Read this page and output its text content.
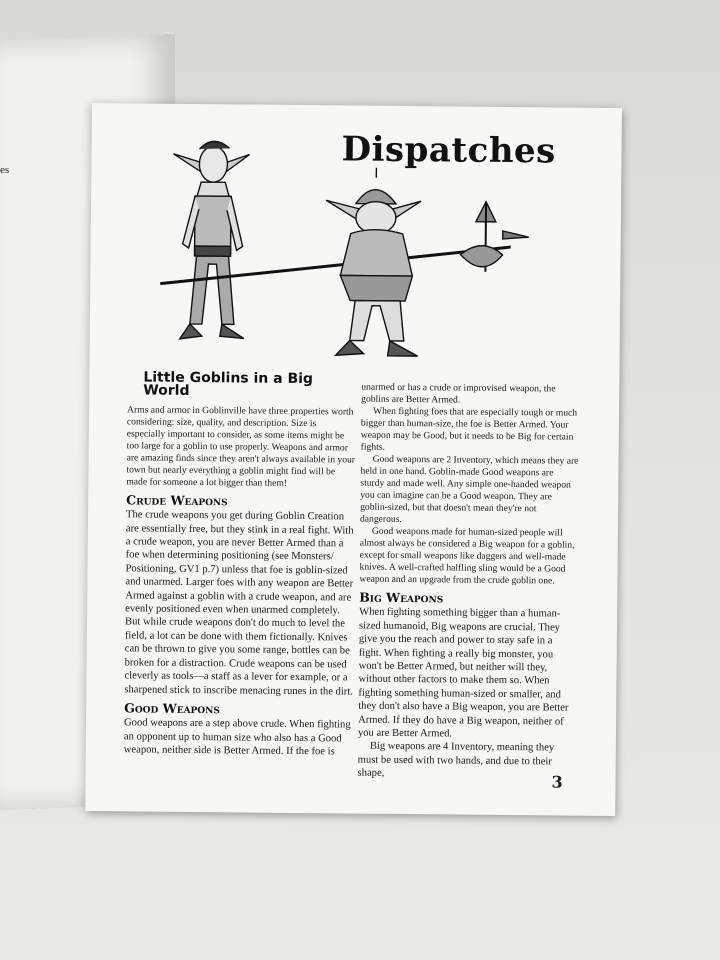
es	Dispatches
Little Goblins in a Big World

Arms and armor in Goblinville have three properties worth considering: size, quality, and description. Size is especially important to consider, as some items might be too large for a goblin to use properly. Weapons and armor are amazing finds since they aren't always available in your town but nearly everything a goblin might find will be made for someone a lot bigger than them!

Crude Weapons

The crude weapons you get during Goblin Creation are essentially free, but they stink in a real fight. With a crude weapon, you are never Better Armed than a foe when determining positioning (see Monsters/ Positioning, GV1 p.7) unless that foe is goblin-sized and unarmed. Larger foes with any weapon are Better Armed against a goblin with a crude weapon, and are evenly positioned even when unarmed completely. But while crude weapons don't do much to level the field, a lot can be done with them fictionally. Knives can be thrown to give you some range, bottles can be broken for a distraction. Crude weapons can be used cleverly as tools—a staff as a lever for example, or a sharpened stick to inscribe menacing runes in the dirt.

Good Weapons

Good weapons are a step above crude. When fighting an opponent up to human size who also has a Good weapon, neither side is Better Armed. If the foe is

unarmed or has a crude or improvised weapon, the goblins are Better Armed.

When fighting foes that are especially tough or much bigger than human-size, the foe is Better Armed. Your weapon may be Good, but it needs to be Big for certain fights.

Good weapons are 2 Inventory, which means they are held in one hand. Goblin-made Good weapons are sturdy and made well. Any simple one-handed weapon you can imagine can be a Good weapon. They are goblin-sized, but that doesn't mean they're not dangerous.

Good weapons made for human-sized people will almost always be considered a Big weapon for a goblin, except for small weapons like daggers and well-made knives. A well-crafted halfling sling would be a Good weapon and an upgrade from the crude goblin one.

Big Weapons

When fighting something bigger than a human-sized humanoid, Big weapons are crucial. They give you the reach and power to stay safe in a fight. When fighting a really big monster, you won't be Better Armed, but neither will they, without other factors to make them so. When fighting something human-sized or smaller, and they don't also have a Big weapon, you are Better Armed. If they do have a Big weapon, neither of you are Better Armed.

Big weapons are 4 Inventory, meaning they must be used with two hands, and due to their shape,	3
